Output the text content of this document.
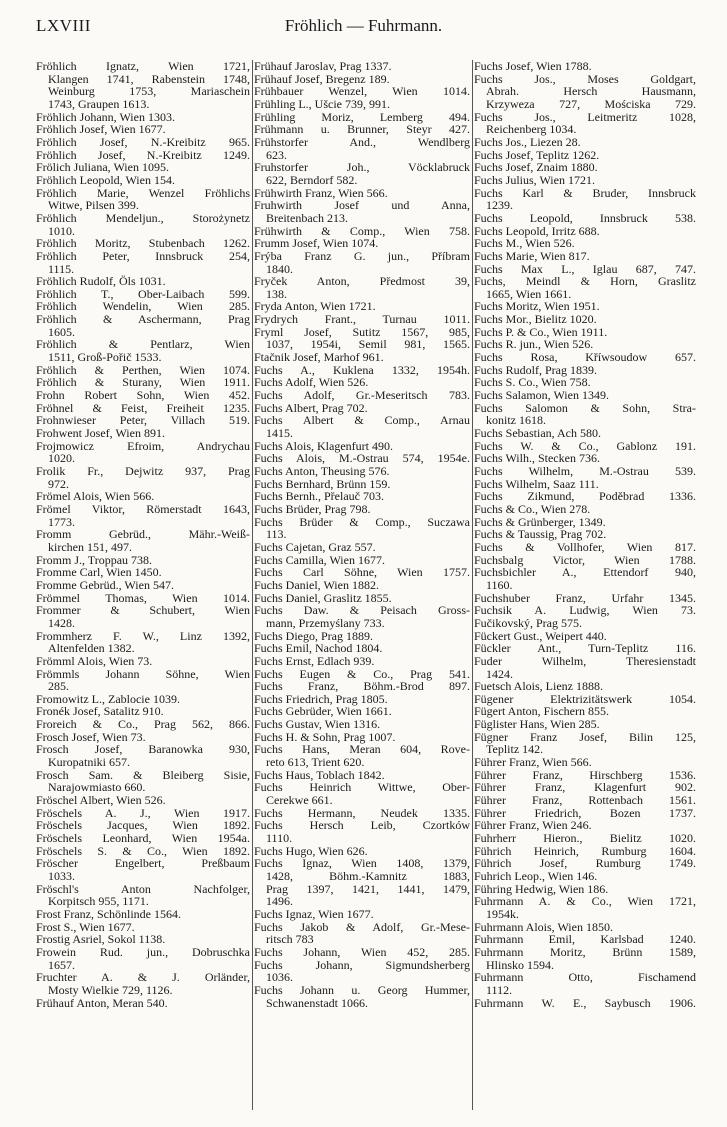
LXVIII	Fröhlich — Fuhrmann.
Fröhlich Ignatz, Wien 1721,
Klangen 1741, Rabenstein 1748,
Weinburg 1753, Mariaschein
1743, Graupen 1613.
Fröhlich Johann, Wien 1303.
Fröhlich Josef, Wien 1677.
Fröhlich Josef, N.-Kreibitz 965.
Fröhlich Josef, N.-Kreibitz 1249.
Frölich Juliana, Wien 1095.
Fröhlich Leopold, Wien 154.
Fröhlich Marie, Wenzel Fröhlichs
Witwe, Pilsen 399.
Fröhlich Mendeljun., Storożynetz
1010.
Fröhlich Moritz, Stubenbach 1262.
Fröhlich Peter, Innsbruck 254,
1115.
Fröhlich Rudolf, Öls 1031.
Fröhlich T., Ober-Laibach 599.
Fröhlich Wendelin, Wien 285.
Fröhlich & Aschermann, Prag
1605.
Fröhlich & Pentlarz, Wien
1511, Groß-Pořič 1533.
Fröhlich & Perthen, Wien 1074.
Fröhlich & Sturany, Wien 1911.
Frohn Robert Sohn, Wien 452.
Fröhnel & Feist, Freiheit 1235.
Frohnwieser Peter, Villach 519.
Frohwent Josef, Wien 891.
Frojmowicz Efroim, Andrychau
1020.
Frolik Fr., Dejwitz 937, Prag
972.
Frömel Alois, Wien 566.
Frömel Viktor, Römerstadt 1643,
1773.
Fromm Gebrüd., Mähr.-Weiß-
kirchen 151, 497.
Fromm J., Troppau 738.
Fromme Carl, Wien 1450.
Fromme Gebrüd., Wien 547.
Frömmel Thomas, Wien 1014.
Frommer & Schubert, Wien
1428.
Frommherz F. W., Linz 1392,
Altenfelden 1382.
Frömml Alois, Wien 73.
Frömmls Johann Söhne, Wien
285.
Fromowitz L., Zablocie 1039.
Fronék Josef, Satalitz 910.
Froreich & Co., Prag 562, 866.
Frosch Josef, Wien 73.
Frosch Josef, Baranowka 930,
Kuropatniki 657.
Frosch Sam. & Bleiberg Sisie,
Narajowmiasto 660.
Fröschel Albert, Wien 526.
Fröschels A. J., Wien 1917.
Fröschels Jacques, Wien 1892.
Fröschels Leonhard, Wien 1954a.
Fröschels S. & Co., Wien 1892.
Fröscher Engelbert, Preßbaum
1033.
Fröschl's Anton Nachfolger,
Korpitsch 955, 1171.
Frost Franz, Schönlinde 1564.
Frost S., Wien 1677.
Frostig Asriel, Sokol 1138.
Frowein Rud. jun., Dobruschka
1657.
Fruchter A. & J. Orländer,
Mosty Wielkie 729, 1126.
Frühauf Anton, Meran 540.
Frühauf Jaroslav, Prag 1337.
Frühauf Josef, Bregenz 189.
Frühbauer Wenzel, Wien 1014.
Frühling L., Ušcie 739, 991.
Frühling Moriz, Lemberg 494.
Frühmann u. Brunner, Steyr 427.
Frühstorfer And., Wendlberg
623.
Fruhstorfer Joh., Vöcklabruck
622, Berndorf 582.
Frühwirth Franz, Wien 566.
Fruhwirth Josef und Anna,
Breitenbach 213.
Frühwirth & Comp., Wien 758.
Frumm Josef, Wien 1074.
Frýba Franz G. jun., Příbram
1840.
Fryček Anton, Předmost 39,
138.
Fryda Anton, Wien 1721.
Frydrych Frant., Turnau 1011.
Fryml Josef, Sutitz 1567, 985,
1037, 1954i, Semil 981, 1565.
Ftačnik Josef, Marhof 961.
Fuchs A., Kuklena 1332, 1954h.
Fuchs Adolf, Wien 526.
Fuchs Adolf, Gr.-Meseritsch 783.
Fuchs Albert, Prag 702.
Fuchs Albert & Comp., Arnau
1415.
Fuchs Alois, Klagenfurt 490.
Fuchs Alois, M.-Ostrau 574, 1954e.
Fuchs Anton, Theusing 576.
Fuchs Bernhard, Brünn 159.
Fuchs Bernh., Přelauč 703.
Fuchs Brüder, Prag 798.
Fuchs Brüder & Comp., Suczawa
113.
Fuchs Cajetan, Graz 557.
Fuchs Camilla, Wien 1677.
Fuchs Carl Söhne, Wien 1757.
Fuchs Daniel, Wien 1882.
Fuchs Daniel, Graslitz 1855.
Fuchs Daw. & Peisach Gross-
mann, Przemyślany 733.
Fuchs Diego, Prag 1889.
Fuchs Emil, Nachod 1804.
Fuchs Ernst, Edlach 939.
Fuchs Eugen & Co., Prag 541.
Fuchs Franz, Böhm.-Brod 897.
Fuchs Friedrich, Prag 1805.
Fuchs Gebrüder, Wien 1661.
Fuchs Gustav, Wien 1316.
Fuchs H. & Sohn, Prag 1007.
Fuchs Hans, Meran 604, Rove-
reto 613, Trient 620.
Fuchs Haus, Toblach 1842.
Fuchs Heinrich Wittwe, Ober-
Cerekwe 661.
Fuchs Hermann, Neudek 1335.
Fuchs Hersch Leib, Czortków
1110.
Fuchs Hugo, Wien 626.
Fuchs Ignaz, Wien 1408, 1379,
1428, Böhm.-Kamnitz 1883,
Prag 1397, 1421, 1441, 1479,
1496.
Fuchs Ignaz, Wien 1677.
Fuchs Jakob & Adolf, Gr.-Mese-
ritsch 783
Fuchs Johann, Wien 452, 285.
Fuchs Johann, Sigmundsherberg
1036.
Fuchs Johann u. Georg Hummer,
Schwanenstadt 1066.
Fuchs Josef, Wien 1788.
Fuchs Jos., Moses Goldgart,
Abrah. Hersch Hausmann,
Krzyweza 727, Mościska 729.
Fuchs Jos., Leitmeritz 1028,
Reichenberg 1034.
Fuchs Jos., Liezen 28.
Fuchs Josef, Teplitz 1262.
Fuchs Josef, Znaim 1880.
Fuchs Julius, Wien 1721.
Fuchs Karl & Bruder, Innsbruck
1239.
Fuchs Leopold, Innsbruck 538.
Fuchs Leopold, Irritz 688.
Fuchs M., Wien 526.
Fuchs Marie, Wien 817.
Fuchs Max L., Iglau 687, 747.
Fuchs, Meindl & Horn, Graslitz
1665, Wien 1661.
Fuchs Moritz, Wien 1951.
Fuchs Mor., Bielitz 1020.
Fuchs P. & Co., Wien 1911.
Fuchs R. jun., Wien 526.
Fuchs Rosa, Kříwsoudow 657.
Fuchs Rudolf, Prag 1839.
Fuchs S. Co., Wien 758.
Fuchs Salamon, Wien 1349.
Fuchs Salomon & Sohn, Stra-
konitz 1618.
Fuchs Sebastian, Ach 580.
Fuchs W. & Co., Gablonz 191.
Fuchs Wilh., Stecken 736.
Fuchs Wilhelm, M.-Ostrau 539.
Fuchs Wilhelm, Saaz 111.
Fuchs Zikmund, Poděbrad 1336.
Fuchs & Co., Wien 278.
Fuchs & Grünberger, 1349.
Fuchs & Taussig, Prag 702.
Fuchs & Vollhofer, Wien 817.
Fuchsbalg Victor, Wien 1788.
Fuchsbichler A., Ettendorf 940,
1160.
Fuchshuber Franz, Urfahr 1345.
Fuchsik A. Ludwig, Wien 73.
Fučikovský, Prag 575.
Fückert Gust., Weipert 440.
Fückler Ant., Turn-Teplitz 116.
Fuder Wilhelm, Theresienstadt
1424.
Fuetsch Alois, Lienz 1888.
Fügener Elektrizitätswerk 1054.
Fügert Anton, Fischern 855.
Füglister Hans, Wien 285.
Fügner Franz Josef, Bilin 125,
Teplitz 142.
Führer Franz, Wien 566.
Führer Franz, Hirschberg 1536.
Führer Franz, Klagenfurt 902.
Führer Franz, Rottenbach 1561.
Führer Friedrich, Bozen 1737.
Führer Franz, Wien 246.
Fuhrherr Hieron., Bielitz 1020.
Führich Heinrich, Rumburg 1604.
Führich Josef, Rumburg 1749.
Fuhrich Leop., Wien 146.
Führing Hedwig, Wien 186.
Fuhrmann A. & Co., Wien 1721,
1954k.
Fuhrmann Alois, Wien 1850.
Fuhrmann Emil, Karlsbad 1240.
Fuhrmann Moritz, Brünn 1589,
Hlinsko 1594.
Fuhrmann Otto, Fischamend
1112.
Fuhrmann W. E., Saybusch 1906.
